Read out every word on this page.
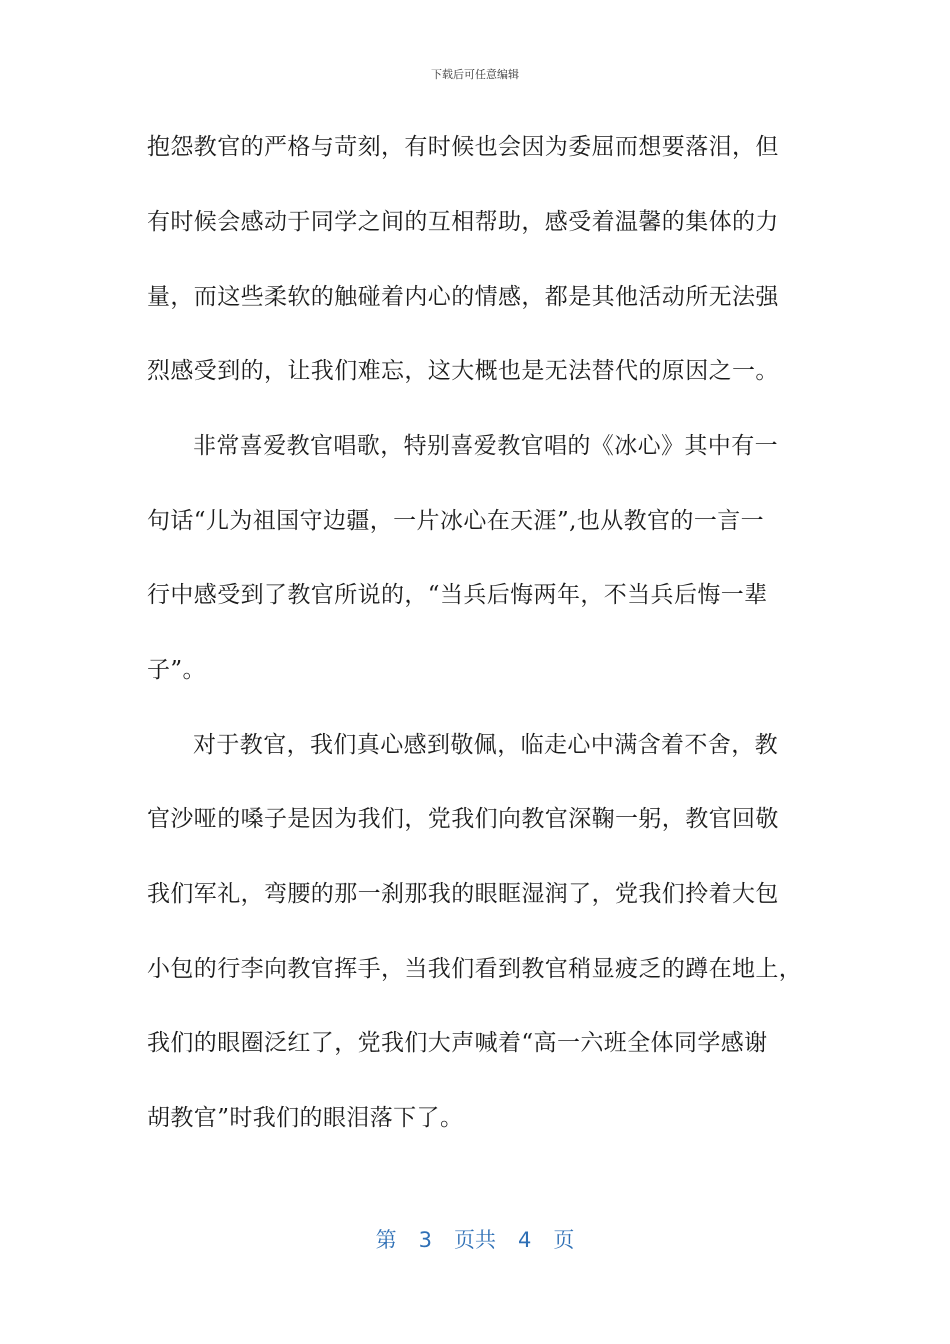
下载后可任意编辑
抱怨教官的严格与苛刻，有时候也会因为委屈而想要落泪，但
有时候会感动于同学之间的互相帮助，感受着温馨的集体的力
量，而这些柔软的触碰着内心的情感，都是其他活动所无法强
烈感受到的，让我们难忘，这大概也是无法替代的原因之一。
非常喜爱教官唱歌，特别喜爱教官唱的《冰心》其中有一
句话“儿为祖国守边疆，一片冰心在天涯”,也从教官的一言一
行中感受到了教官所说的，“当兵后悔两年，不当兵后悔一辈
子”。
对于教官，我们真心感到敬佩，临走心中满含着不舍，教
官沙哑的嗓子是因为我们，党我们向教官深鞠一躬，教官回敬
我们军礼，弯腰的那一刹那我的眼眶湿润了，党我们拎着大包
小包的行李向教官挥手，当我们看到教官稍显疲乏的蹲在地上，
我们的眼圈泛红了，党我们大声喊着“高一六班全体同学感谢
胡教官”时我们的眼泪落下了。
第 3 页共 4 页
